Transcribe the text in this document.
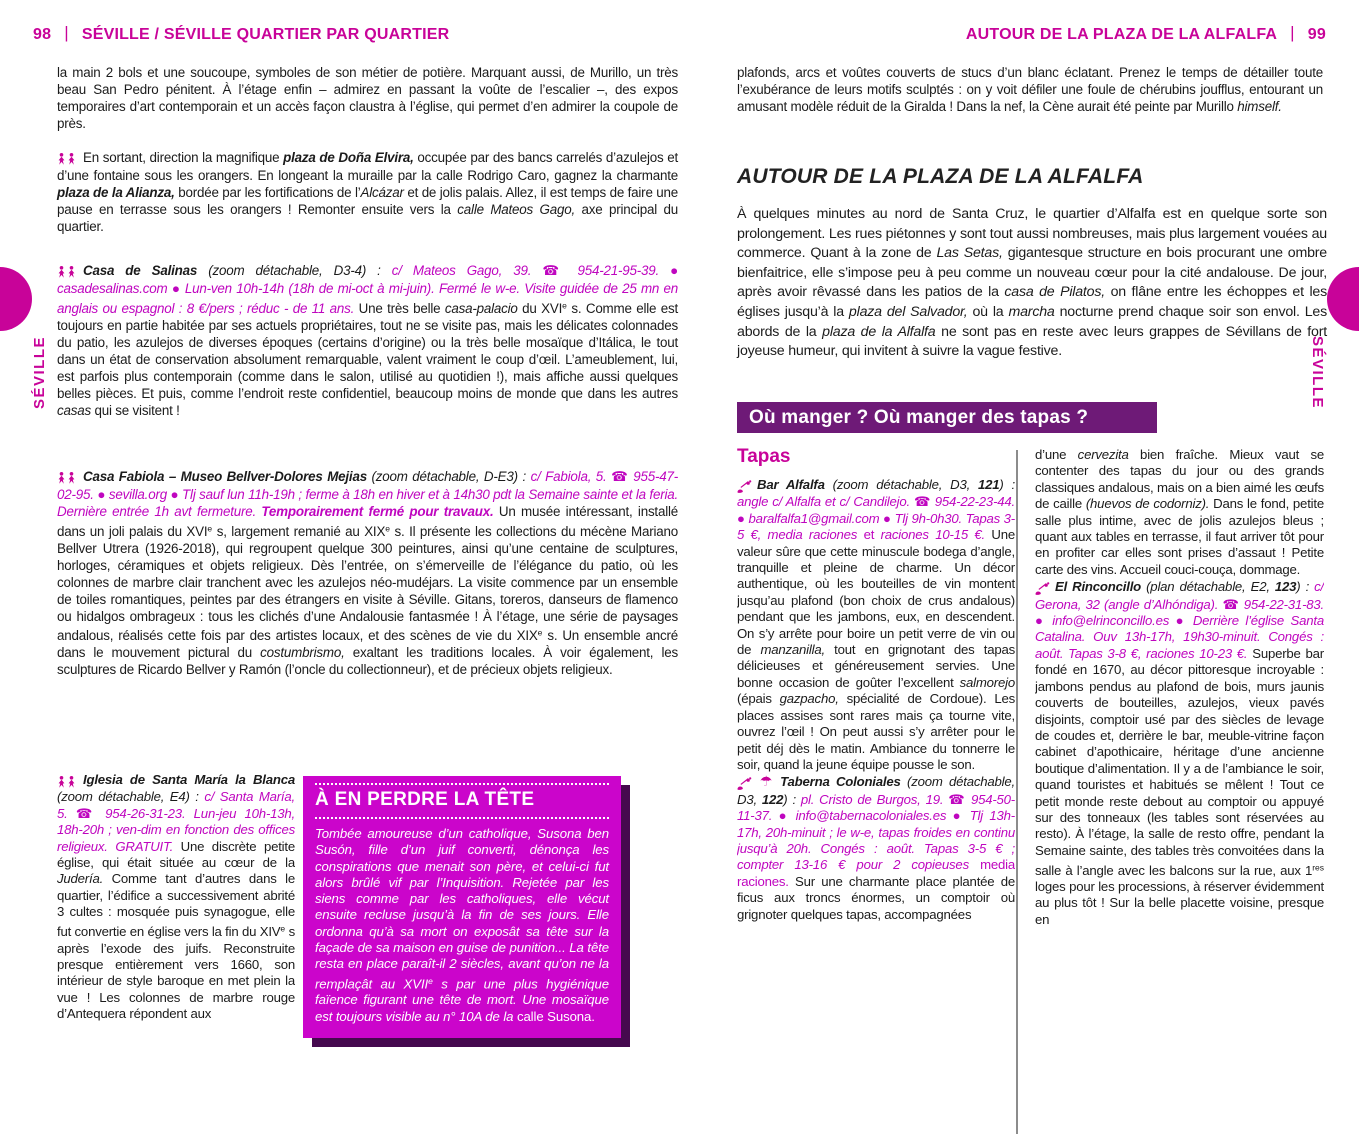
98 | SÉVILLE / SÉVILLE QUARTIER PAR QUARTIER
la main 2 bols et une soucoupe, symboles de son métier de potière. Marquant aussi, de Murillo, un très beau San Pedro pénitent. À l’étage enfin – admirez en passant la voûte de l’escalier –, des expos temporaires d’art contemporain et un accès façon claustra à l’église, qui permet d’en admirer la coupole de près.
En sortant, direction la magnifique plaza de Doña Elvira, occupée par des bancs carrelés d’azulejos et d’une fontaine sous les orangers. En longeant la muraille par la calle Rodrigo Caro, gagnez la charmante plaza de la Alianza, bordée par les fortifications de l’Alcázar et de jolis palais. Allez, il est temps de faire une pause en terrasse sous les orangers ! Remonter ensuite vers la calle Mateos Gago, axe principal du quartier.
Casa de Salinas (zoom détachable, D3-4) : c/ Mateos Gago, 39. ☎ 954-21-95-39. ● casadesalinas.com ● Lun-ven 10h-14h (18h de mi-oct à mi-juin). Fermé le w-e. Visite guidée de 25 mn en anglais ou espagnol : 8 €/pers ; réduc - de 11 ans. Une très belle casa-palacio du XVIe s. Comme elle est toujours en partie habitée par ses actuels propriétaires, tout ne se visite pas, mais les délicates colonnades du patio, les azulejos de diverses époques (certains d’origine) ou la très belle mosaïque d’Itálica, le tout dans un état de conservation absolument remarquable, valent vraiment le coup d’œil. L’ameublement, lui, est parfois plus contemporain (comme dans le salon, utilisé au quotidien !), mais affiche aussi quelques belles pièces. Et puis, comme l’endroit reste confidentiel, beaucoup moins de monde que dans les autres casas qui se visitent !
Casa Fabiola – Museo Bellver-Dolores Mejias (zoom détachable, D-E3) : c/ Fabiola, 5. ☎ 955-47-02-95. ● sevilla.org ● Tlj sauf lun 11h-19h ; ferme à 18h en hiver et à 14h30 pdt la Semaine sainte et la feria. Dernière entrée 1h avt fermeture. Temporairement fermé pour travaux. Un musée intéressant, installé dans un joli palais du XVIe s, largement remanié au XIXe s. Il présente les collections du mécène Mariano Bellver Utrera (1926-2018), qui regroupent quelque 300 peintures, ainsi qu’une centaine de sculptures, horloges, céramiques et objets religieux. Dès l’entrée, on s’émerveille de l’élégance du patio, où les colonnes de marbre clair tranchent avec les azulejos néo-mudéjars. La visite commence par un ensemble de toiles romantiques, peintes par des étrangers en visite à Séville. Gitans, toreros, danseurs de flamenco ou hidalgos ombrageux : tous les clichés d’une Andalousie fantasmée ! À l’étage, une série de paysages andalous, réalisés cette fois par des artistes locaux, et des scènes de vie du XIXe s. Un ensemble ancré dans le mouvement pictural du costumbrismo, exaltant les traditions locales. À voir également, les sculptures de Ricardo Bellver y Ramón (l’oncle du collectionneur), et de précieux objets religieux.
Iglesia de Santa María la Blanca (zoom détachable, E4) : c/ Santa María, 5. ☎ 954-26-31-23. Lun-jeu 10h-13h, 18h-20h ; ven-dim en fonction des offices religieux. GRATUIT. Une discrète petite église, qui était située au cœur de la Judería. Comme tant d’autres dans le quartier, l’édifice a successivement abrité 3 cultes : mosquée puis synagogue, elle fut convertie en église vers la fin du XIVe s après l’exode des juifs. Reconstruite presque entièrement vers 1660, son intérieur de style baroque en met plein la vue ! Les colonnes de marbre rouge d’Antequera répondent aux
À EN PERDRE LA TÊTE
Tombée amoureuse d’un catholique, Susona ben Susón, fille d’un juif converti, dénonça les conspirations que menait son père, et celui-ci fut alors brûlé vif par l’Inquisition. Rejetée par les siens comme par les catholiques, elle vécut ensuite recluse jusqu’à la fin de ses jours. Elle ordonna qu’à sa mort on exposât sa tête sur la façade de sa maison en guise de punition... La tête resta en place paraît-il 2 siècles, avant qu’on ne la remplaçât au XVIIe s par une plus hygiénique faïence figurant une tête de mort. Une mosaïque est toujours visible au n° 10A de la calle Susona.
SÉVILLE
AUTOUR DE LA PLAZA DE LA ALFALFA | 99
plafonds, arcs et voûtes couverts de stucs d’un blanc éclatant. Prenez le temps de détailler toute l’exubérance de leurs motifs sculptés : on y voit défiler une foule de chérubins joufflus, entourant un amusant modèle réduit de la Giralda ! Dans la nef, la Cène aurait été peinte par Murillo himself.
AUTOUR DE LA PLAZA DE LA ALFALFA
À quelques minutes au nord de Santa Cruz, le quartier d’Alfalfa est en quelque sorte son prolongement. Les rues piétonnes y sont tout aussi nombreuses, mais plus largement vouées au commerce. Quant à la zone de Las Setas, gigantesque structure en bois procurant une ombre bienfaitrice, elle s’impose peu à peu comme un nouveau cœur pour la cité andalouse. De jour, après avoir rêvassé dans les patios de la casa de Pilatos, on flâne entre les échoppes et les églises jusqu’à la plaza del Salvador, où la marcha nocturne prend chaque soir son envol. Les abords de la plaza de la Alfalfa ne sont pas en reste avec leurs grappes de Sévillans de fort joyeuse humeur, qui invitent à suivre la vague festive.
Où manger ? Où manger des tapas ?
Tapas
Bar Alfalfa (zoom détachable, D3, 121) : angle c/ Alfalfa et c/ Candilejo. ☎ 954-22-23-44. ● baralfalfa1@gmail.com ● Tlj 9h-0h30. Tapas 3-5 €, media raciones et raciones 10-15 €. Une valeur sûre que cette minuscule bodega d’angle, tranquille et pleine de charme. Un décor authentique, où les bouteilles de vin montent jusqu’au plafond (bon choix de crus andalous) pendant que les jambons, eux, en descendent. On s’y arrête pour boire un petit verre de vin ou de manzanilla, tout en grignotant des tapas délicieuses et généreusement servies. Une bonne occasion de goûter l’excellent salmorejo (épais gazpacho, spécialité de Cordoue). Les places assises sont rares mais ça tourne vite, ouvrez l’œil ! On peut aussi s’y arrêter pour le petit déj dès le matin. Ambiance du tonnerre le soir, quand la jeune équipe pousse le son.
☂ Taberna Coloniales (zoom détachable, D3, 122) : pl. Cristo de Burgos, 19. ☎ 954-50-11-37. ● info@tabernacoloniales.es ● Tlj 13h-17h, 20h-minuit ; le w-e, tapas froides en continu jusqu’à 20h. Congés : août. Tapas 3-5 € ; compter 13-16 € pour 2 copieuses media raciones. Sur une charmante place plantée de ficus aux troncs énormes, un comptoir où grignoter quelques tapas, accompagnées
d’une cervezita bien fraîche. Mieux vaut se contenter des tapas du jour ou des grands classiques andalous, mais on a bien aimé les œufs de caille (huevos de codorniz). Dans le fond, petite salle plus intime, avec de jolis azulejos bleus ; quant aux tables en terrasse, il faut arriver tôt pour en profiter car elles sont prises d’assaut ! Petite carte des vins. Accueil couci-couça, dommage.
El Rinconcillo (plan détachable, E2, 123) : c/ Gerona, 32 (angle d’Alhóndiga). ☎ 954-22-31-83. ● info@elrinconcillo.es ● Derrière l’église Santa Catalina. Ouv 13h-17h, 19h30-minuit. Congés : août. Tapas 3-8 €, raciones 10-23 €. Superbe bar fondé en 1670, au décor pittoresque incroyable : jambons pendus au plafond de bois, murs jaunis couverts de bouteilles, azulejos, vieux pavés disjoints, comptoir usé par des siècles de levage de coudes et, derrière le bar, meuble-vitrine façon cabinet d’apothicaire, héritage d’une ancienne boutique d’alimentation. Il y a de l’ambiance le soir, quand touristes et habitués se mêlent ! Tout ce petit monde reste debout au comptoir ou appuyé sur des tonneaux (les tables sont réservées au resto). À l’étage, la salle de resto offre, pendant la Semaine sainte, des tables très convoitées dans la salle à l’angle avec les balcons sur la rue, aux 1res loges pour les processions, à réserver évidemment au plus tôt ! Sur la belle placette voisine, presque en
SÉVILLE
